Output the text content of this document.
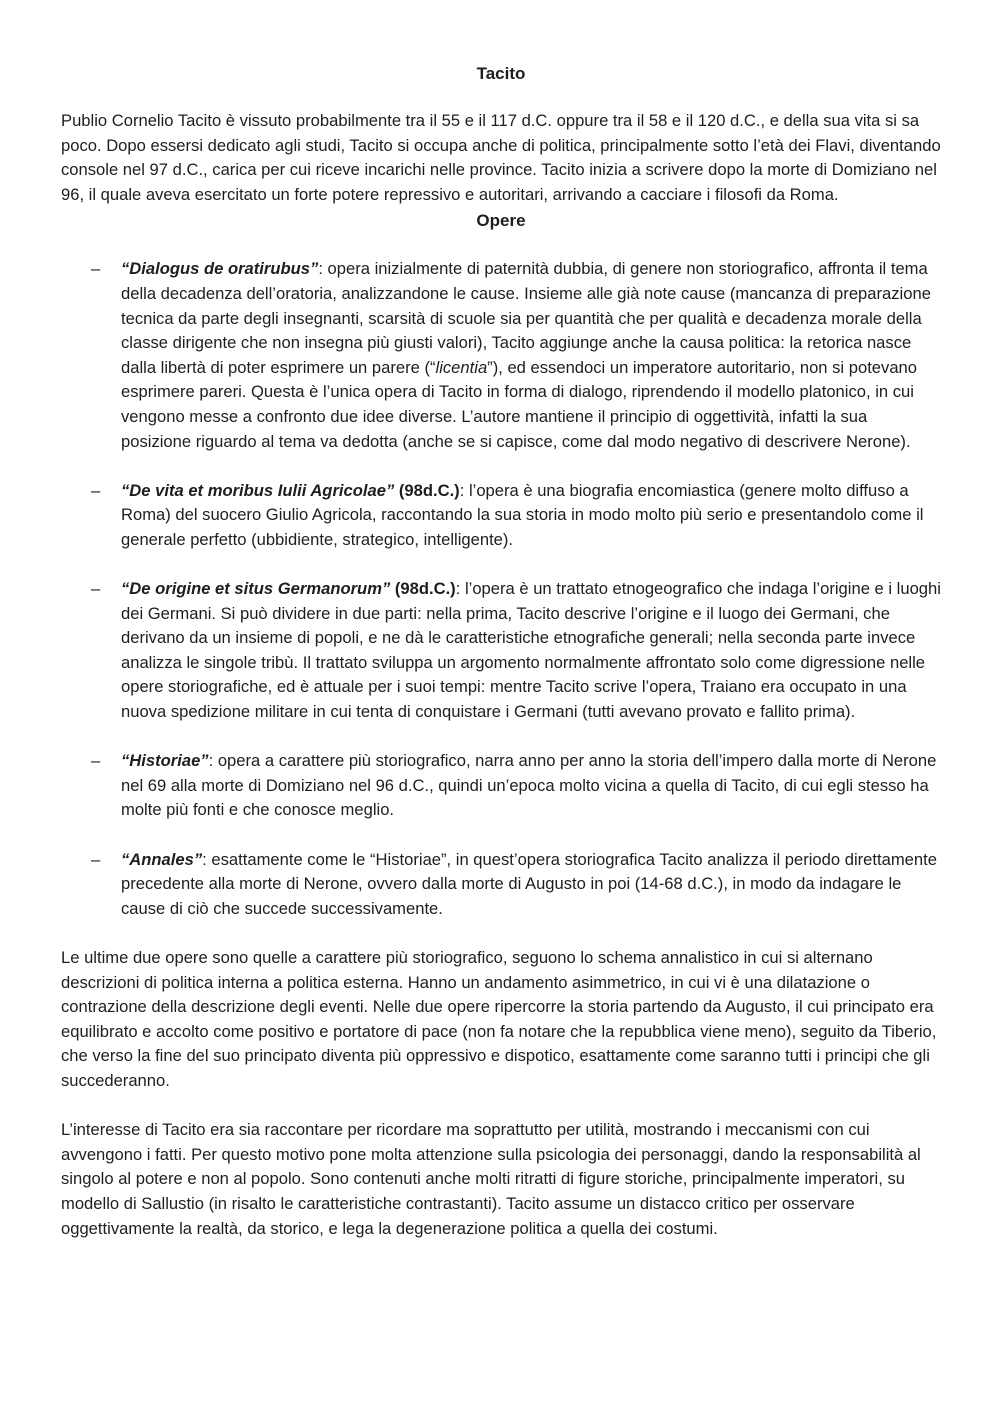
Tacito

Publio Cornelio Tacito è vissuto probabilmente tra il 55 e il 117 d.C. oppure tra il 58 e il 120 d.C., e della sua vita si sa poco. Dopo essersi dedicato agli studi, Tacito si occupa anche di politica, principalmente sotto l’età dei Flavi, diventando console nel 97 d.C., carica per cui riceve incarichi nelle province. Tacito inizia a scrivere dopo la morte di Domiziano nel 96, il quale aveva esercitato un forte potere repressivo e autoritari, arrivando a cacciare i filosofi da Roma.

Opere
– “Dialogus de oratirubus”: opera inizialmente di paternità dubbia, di genere non storiografico, affronta il tema della decadenza dell’oratoria, analizzandone le cause. Insieme alle già note cause (mancanza di preparazione tecnica da parte degli insegnanti, scarsità di scuole sia per quantità che per qualità e decadenza morale della classe dirigente che non insegna più giusti valori), Tacito aggiunge anche la causa politica: la retorica nasce dalla libertà di poter esprimere un parere (“licentia”), ed essendoci un imperatore autoritario, non si potevano esprimere pareri. Questa è l’unica opera di Tacito in forma di dialogo, riprendendo il modello platonico, in cui vengono messe a confronto due idee diverse. L’autore mantiene il principio di oggettività, infatti la sua posizione riguardo al tema va dedotta (anche se si capisce, come dal modo negativo di descrivere Nerone).
– “De vita et moribus Iulii Agricolae” (98d.C.): l’opera è una biografia encomiastica (genere molto diffuso a Roma) del suocero Giulio Agricola, raccontando la sua storia in modo molto più serio e presentandolo come il generale perfetto (ubbidiente, strategico, intelligente).
– “De origine et situs Germanorum” (98d.C.): l’opera è un trattato etnogeografico che indaga l’origine e i luoghi dei Germani. Si può dividere in due parti: nella prima, Tacito descrive l’origine e il luogo dei Germani, che derivano da un insieme di popoli, e ne dà le caratteristiche etnografiche generali; nella seconda parte invece analizza le singole tribù. Il trattato sviluppa un argomento normalmente affrontato solo come digressione nelle opere storiografiche, ed è attuale per i suoi tempi: mentre Tacito scrive l’opera, Traiano era occupato in una nuova spedizione militare in cui tenta di conquistare i Germani (tutti avevano provato e fallito prima).
– “Historiae”: opera a carattere più storiografico, narra anno per anno la storia dell’impero dalla morte di Nerone nel 69 alla morte di Domiziano nel 96 d.C., quindi un’epoca molto vicina a quella di Tacito, di cui egli stesso ha molte più fonti e che conosce meglio.
– “Annales”: esattamente come le “Historiae”, in quest’opera storiografica Tacito analizza il periodo direttamente precedente alla morte di Nerone, ovvero dalla morte di Augusto in poi (14-68 d.C.), in modo da indagare le cause di ciò che succede successivamente.

Le ultime due opere sono quelle a carattere più storiografico, seguono lo schema annalistico in cui si alternano descrizioni di politica interna a politica esterna. Hanno un andamento asimmetrico, in cui vi è una dilatazione o contrazione della descrizione degli eventi. Nelle due opere ripercorre la storia partendo da Augusto, il cui principato era equilibrato e accolto come positivo e portatore di pace (non fa notare che la repubblica viene meno), seguito da Tiberio, che verso la fine del suo principato diventa più oppressivo e dispotico, esattamente come saranno tutti i principi che gli succederanno.

L’interesse di Tacito era sia raccontare per ricordare ma soprattutto per utilità, mostrando i meccanismi con cui avvengono i fatti. Per questo motivo pone molta attenzione sulla psicologia dei personaggi, dando la responsabilità al singolo al potere e non al popolo. Sono contenuti anche molti ritratti di figure storiche, principalmente imperatori, su modello di Sallustio (in risalto le caratteristiche contrastanti). Tacito assume un distacco critico per osservare oggettivamente la realtà, da storico, e lega la degenerazione politica a quella dei costumi.
